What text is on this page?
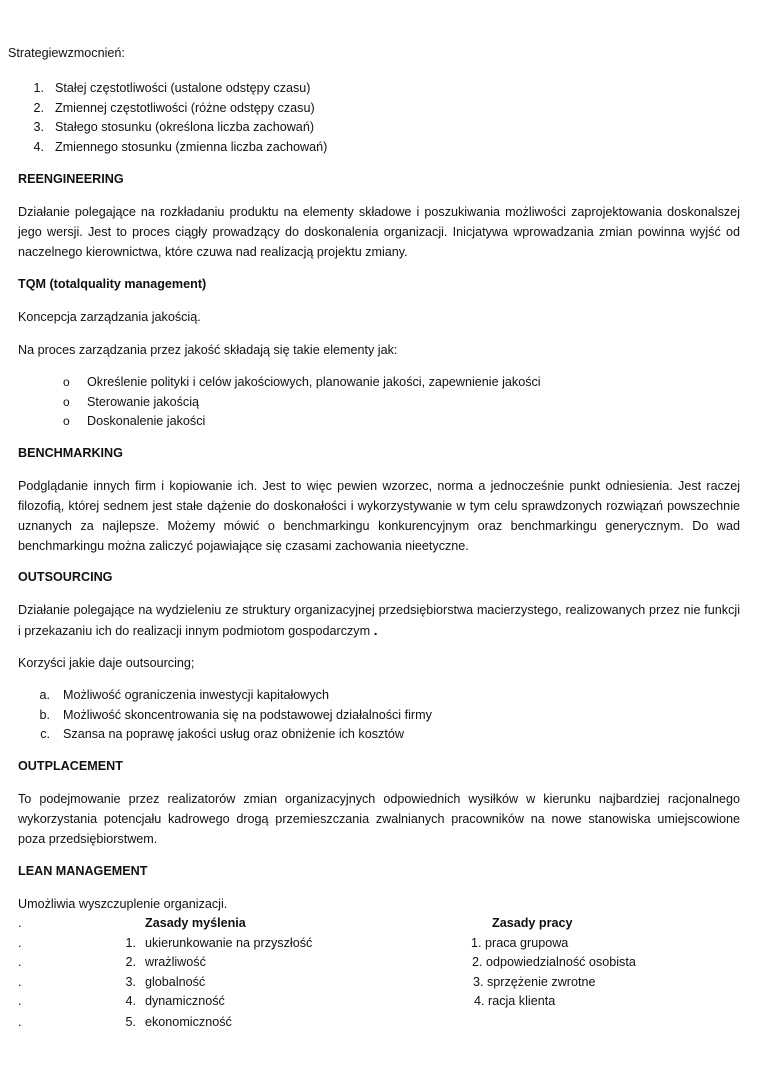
Strategiewzmocnień:
1. Stałej częstotliwości (ustalone odstępy czasu)
2. Zmiennej częstotliwości (różne odstępy czasu)
3. Stałego stosunku (określona liczba zachowań)
4. Zmiennego stosunku (zmienna liczba zachowań)
REENGINEERING
Działanie polegające na rozkładaniu produktu na elementy składowe i poszukiwania możliwości zaprojektowania doskonalszej
jego wersji. Jest to proces ciągły prowadzący do doskonalenia organizacji. Inicjatywa wprowadzania zmian powinna wyjść od
naczelnego kierownictwa, które czuwa nad realizacją projektu zmiany.
TQM (totalquality management)
Koncepcja zarządzania jakością.
Na proces zarządzania przez jakość składają się takie elementy jak:
o Określenie polityki i celów jakościowych, planowanie jakości, zapewnienie jakości
o Sterowanie jakością
o Doskonalenie jakości
BENCHMARKING
Podglądanie innych firm i kopiowanie ich. Jest to więc pewien wzorzec, norma a jednocześnie punkt odniesienia. Jest raczej
filozofią, której sednem jest stałe dążenie do doskonałości i wykorzystywanie w tym celu sprawdzonych rozwiązań powszechnie
uznanych za najlepsze. Możemy mówić o benchmarkingu konkurencyjnym oraz benchmarkingu generycznym. Do wad
benchmarkingu można zaliczyć pojawiające się czasami zachowania nieetyczne.
OUTSOURCING
Działanie polegające na wydzieleniu ze struktury organizacyjnej przedsiębiorstwa macierzystego, realizowanych przez nie funkcji
i przekazaniu ich do realizacji innym podmiotom gospodarczym .
Korzyści jakie daje outsourcing;
a. Możliwość ograniczenia inwestycji kapitałowych
b. Możliwość skoncentrowania się na podstawowej działalności firmy
c. Szansa na poprawę jakości usług oraz obniżenie ich kosztów
OUTPLACEMENT
To podejmowanie przez realizatorów zmian organizacyjnych odpowiednich wysiłków w kierunku najbardziej racjonalnego
wykorzystania potencjału kadrowego drogą przemieszczania zwalnianych pracowników na nowe stanowiska umiejscowione
poza przedsiębiorstwem.
LEAN MANAGEMENT
Umożliwia wyszczuplenie organizacji.
.	Zasady myślenia	Zasady pracy
.	1. ukierunkowanie na przyszłość	1. praca grupowa
.	2. wrażliwość	2. odpowiedzialność osobista
.	3. globalność	3. sprzężenie zwrotne
.	4. dynamiczność	4. racja klienta
.	5. ekonomiczność
